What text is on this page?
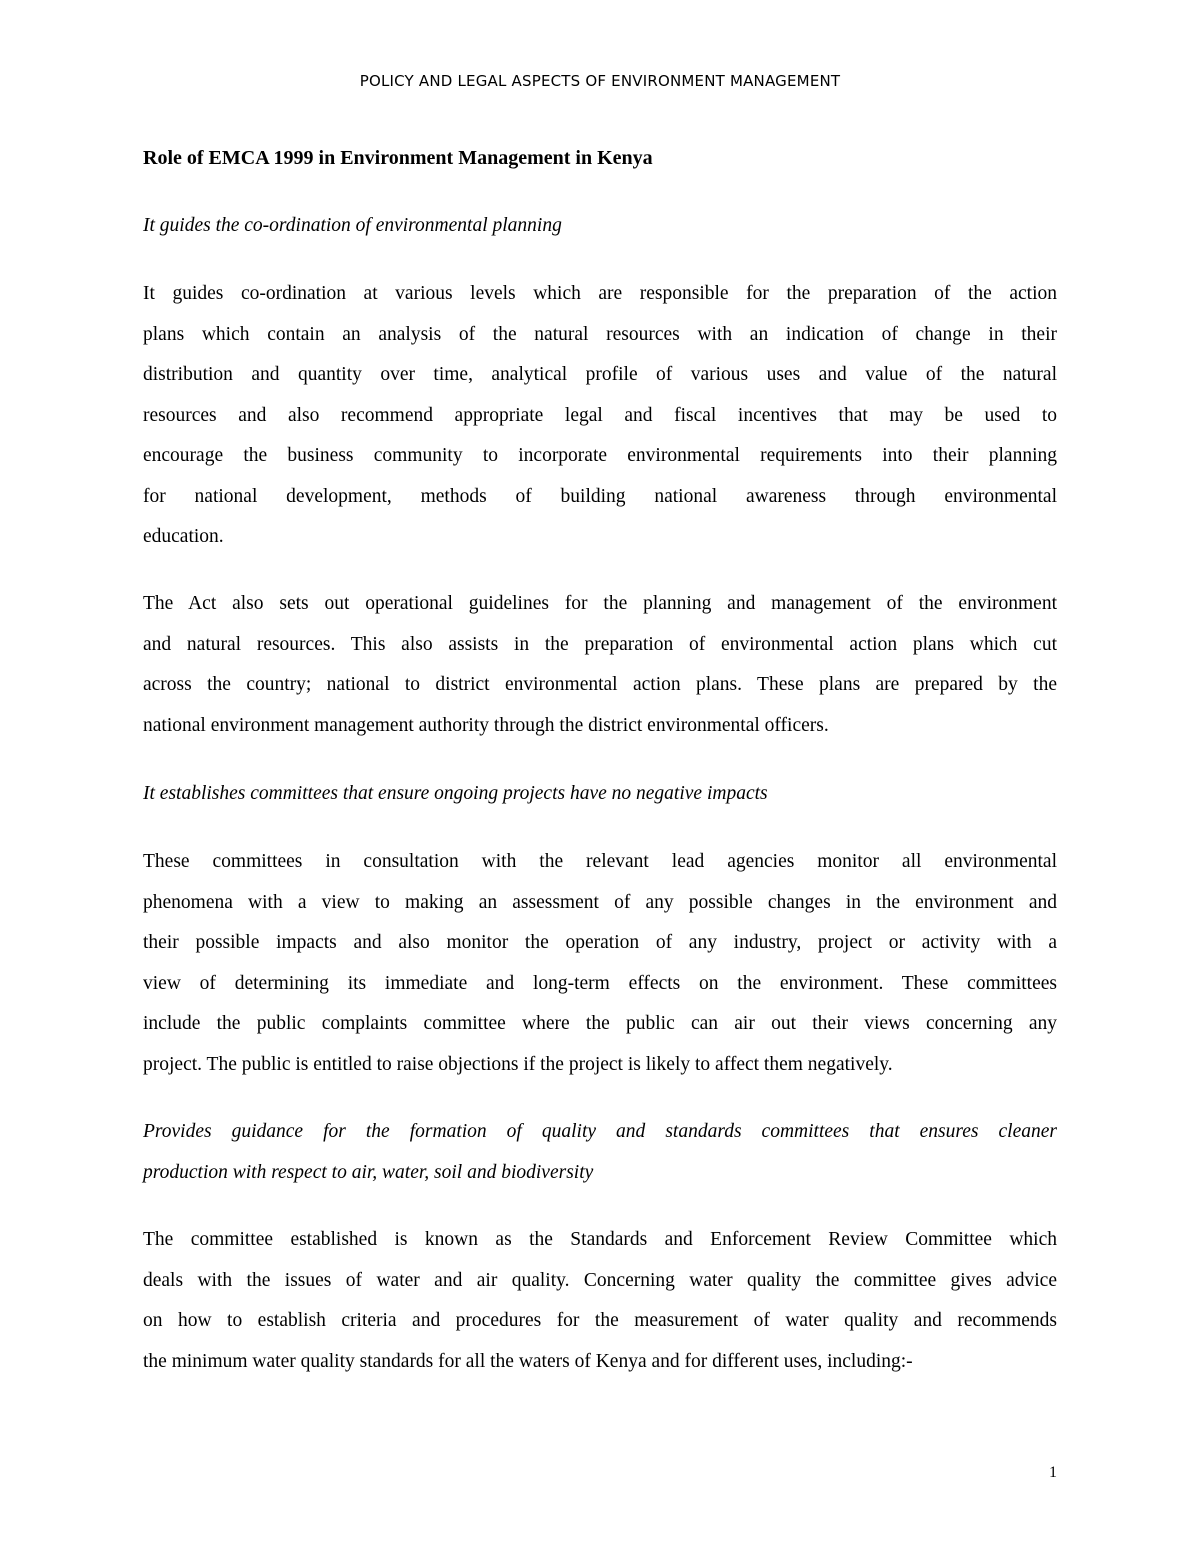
POLICY AND LEGAL ASPECTS OF ENVIRONMENT MANAGEMENT
Role of EMCA 1999 in Environment Management in Kenya
It guides the co-ordination of environmental planning
It guides co-ordination at various levels which are responsible for the preparation of the action
plans which contain an analysis of the natural resources with an indication of change in their
distribution and quantity over time, analytical profile of various uses and value of the natural
resources and also recommend appropriate legal and fiscal incentives that may be used to
encourage the business community to incorporate environmental requirements into their planning
for national development, methods of building national awareness through environmental
education.
The Act also sets out operational guidelines for the planning and management of the environment
and natural resources. This also assists in the preparation of environmental action plans which cut
across the country; national to district environmental action plans. These plans are prepared by the
national environment management authority through the district environmental officers.
It establishes committees that ensure ongoing projects have no negative impacts
These committees in consultation with the relevant lead agencies monitor all environmental
phenomena with a view to making an assessment of any possible changes in the environment and
their possible impacts and also monitor the operation of any industry, project or activity with a
view of determining its immediate and long-term effects on the environment. These committees
include the public complaints committee where the public can air out their views concerning any
project. The public is entitled to raise objections if the project is likely to affect them negatively.
Provides guidance for the formation of quality and standards committees that ensures cleaner
production with respect to air, water, soil and biodiversity
The committee established is known as the Standards and Enforcement Review Committee which
deals with the issues of water and air quality. Concerning water quality the committee gives advice
on how to establish criteria and procedures for the measurement of water quality and recommends
the minimum water quality standards for all the waters of Kenya and for different uses, including:-
1
